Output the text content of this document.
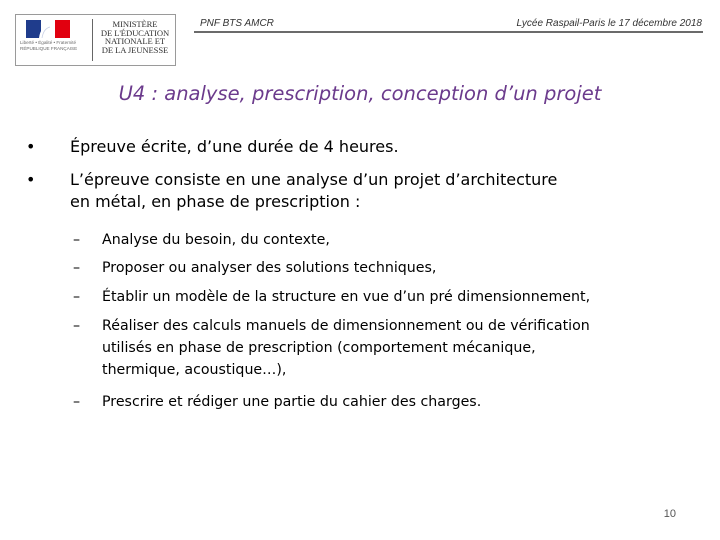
Liberté • Égalité • Fraternité
RÉPUBLIQUE FRANÇAISE
MINISTÈRE
DE L'ÉDUCATION
NATIONALE ET
DE LA JEUNESSE
PNF BTS AMCR	Lycée Raspail-Paris le 17 décembre 2018
U4 : analyse, prescription, conception d’un projet
• Épreuve écrite, d’une durée de 4 heures.
• L’épreuve consiste en une analyse d’un projet d’architecture
en métal, en phase de prescription :
– Analyse du besoin, du contexte,
– Proposer ou analyser des solutions techniques,
– Établir un modèle de la structure en vue d’un pré dimensionnement,
– Réaliser des calculs manuels de dimensionnement ou de vérification
utilisés en phase de prescription (comportement mécanique,
thermique, acoustique…),
– Prescrire et rédiger une partie du cahier des charges.
10
